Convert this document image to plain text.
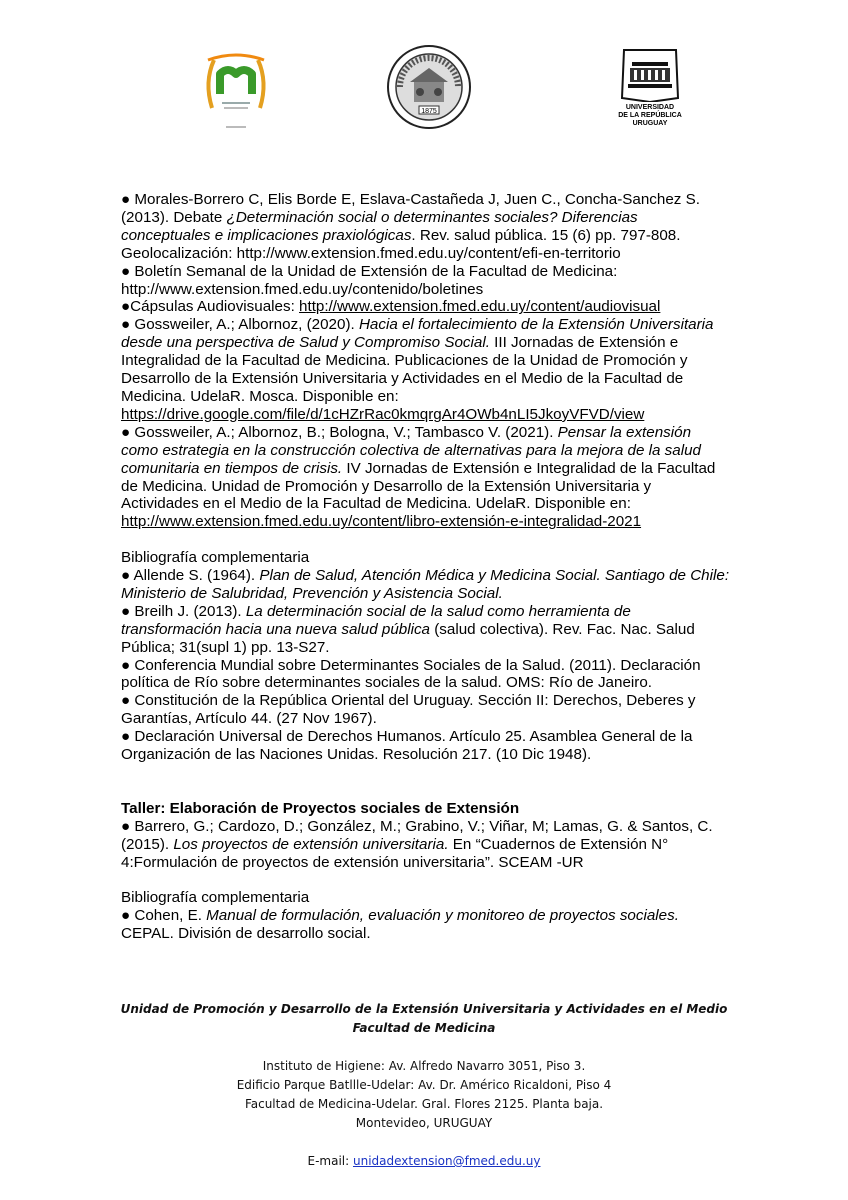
1875
UNIVERSIDAD
DE LA REPÚBLICA
URUGUAY

● Morales-Borrero C, Elis Borde E, Eslava-Castañeda J, Juen C., Concha-Sanchez S. (2013). Debate ¿Determinación social o determinantes sociales? Diferencias conceptuales e implicaciones praxiológicas. Rev. salud pública. 15 (6) pp. 797-808.

Geolocalización: http://www.extension.fmed.edu.uy/content/efi-en-territorio

● Boletín Semanal de la Unidad de Extensión de la Facultad de Medicina: http://www.extension.fmed.edu.uy/contenido/boletines

●Cápsulas Audiovisuales: http://www.extension.fmed.edu.uy/content/audiovisual

● Gossweiler, A.; Albornoz, (2020). Hacia el fortalecimiento de la Extensión Universitaria desde una perspectiva de Salud y Compromiso Social. III Jornadas de Extensión e Integralidad de la Facultad de Medicina. Publicaciones de la Unidad de Promoción y Desarrollo de la Extensión Universitaria y Actividades en el Medio de la Facultad de Medicina. UdelaR. Mosca. Disponible en: https://drive.google.com/file/d/1cHZrRac0kmqrgAr4OWb4nLI5JkoyVFVD/view

● Gossweiler, A.; Albornoz, B.; Bologna, V.; Tambasco V. (2021). Pensar la extensión como estrategia en la construcción colectiva de alternativas para la mejora de la salud comunitaria en tiempos de crisis. IV Jornadas de Extensión e Integralidad de la Facultad de Medicina. Unidad de Promoción y Desarrollo de la Extensión Universitaria y Actividades en el Medio de la Facultad de Medicina. UdelaR. Disponible en: http://www.extension.fmed.edu.uy/content/libro-extensión-e-integralidad-2021

Bibliografía complementaria

● Allende S. (1964). Plan de Salud, Atención Médica y Medicina Social. Santiago de Chile: Ministerio de Salubridad, Prevención y Asistencia Social.

● Breilh J. (2013). La determinación social de la salud como herramienta de transformación hacia una nueva salud pública (salud colectiva). Rev. Fac. Nac. Salud Pública; 31(supl 1) pp. 13-S27.

● Conferencia Mundial sobre Determinantes Sociales de la Salud. (2011). Declaración política de Río sobre determinantes sociales de la salud. OMS: Río de Janeiro.

● Constitución de la República Oriental del Uruguay. Sección II: Derechos, Deberes y Garantías, Artículo 44. (27 Nov 1967).

● Declaración Universal de Derechos Humanos. Artículo 25. Asamblea General de la Organización de las Naciones Unidas. Resolución 217. (10 Dic 1948).

Taller: Elaboración de Proyectos sociales de Extensión

● Barrero, G.; Cardozo, D.; González, M.; Grabino, V.; Viñar, M; Lamas, G. & Santos, C. (2015). Los proyectos de extensión universitaria. En “Cuadernos de Extensión N° 4:Formulación de proyectos de extensión universitaria”. SCEAM -UR

Bibliografía complementaria

● Cohen, E. Manual de formulación, evaluación y monitoreo de proyectos sociales. CEPAL. División de desarrollo social.

Unidad de Promoción y Desarrollo de la Extensión Universitaria y Actividades en el Medio
Facultad de Medicina
Instituto de Higiene: Av. Alfredo Navarro 3051, Piso 3.
Edificio Parque Batllle-Udelar: Av. Dr. Américo Ricaldoni, Piso 4
Facultad de Medicina-Udelar. Gral. Flores 2125. Planta baja.
Montevideo, URUGUAY
E-mail: unidadextension@fmed.edu.uy
